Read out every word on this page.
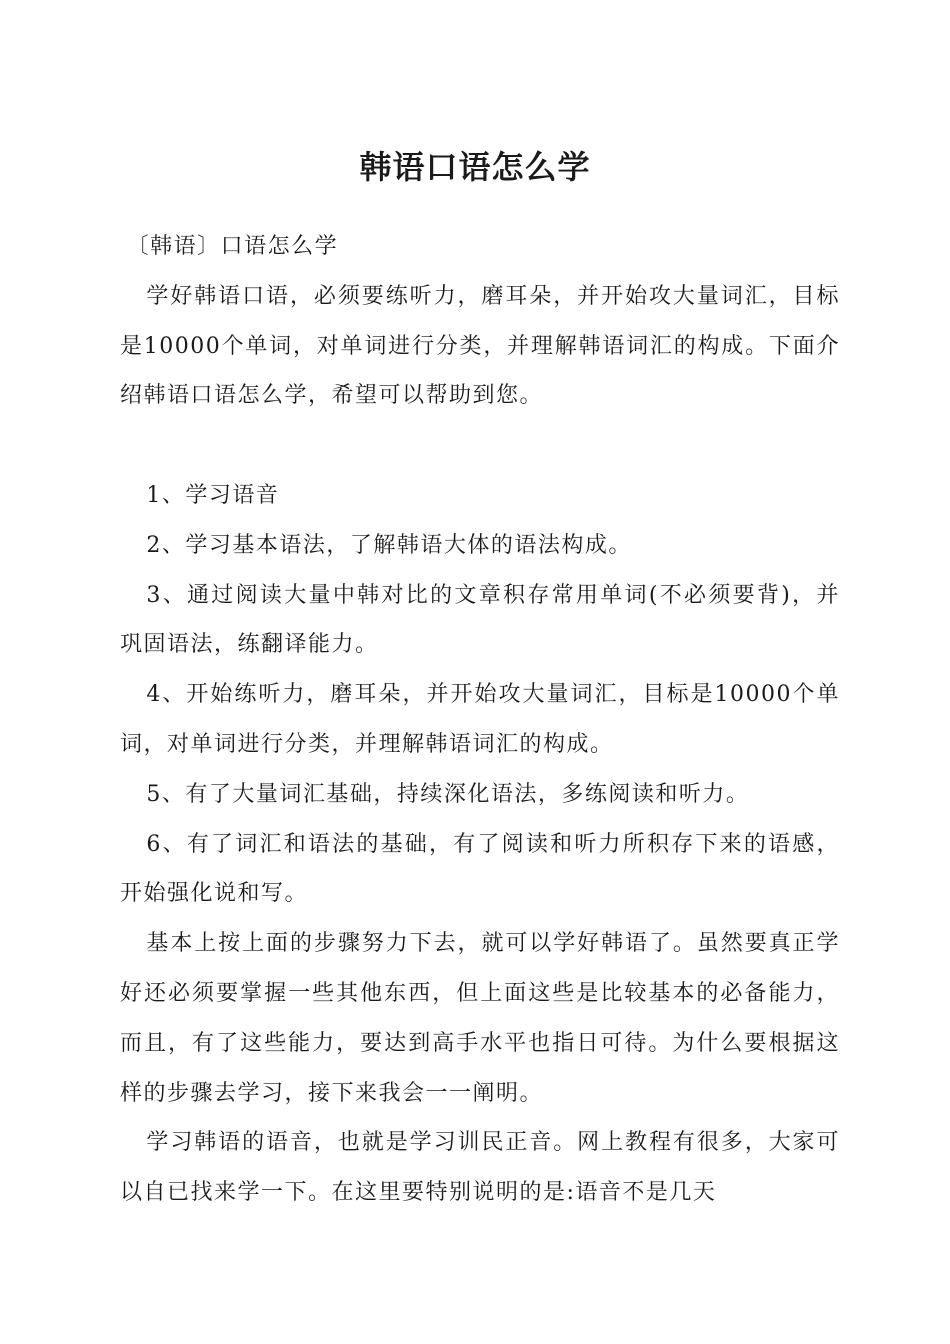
韩语口语怎么学

〔韩语〕口语怎么学

学好韩语口语，必须要练听力，磨耳朵，并开始攻大量词汇，目标是10000个单词，对单词进行分类，并理解韩语词汇的构成。下面介绍韩语口语怎么学，希望可以帮助到您。

1、学习语音

2、学习基本语法，了解韩语大体的语法构成。

3、通过阅读大量中韩对比的文章积存常用单词(不必须要背)，并巩固语法，练翻译能力。

4、开始练听力，磨耳朵，并开始攻大量词汇，目标是10000个单词，对单词进行分类，并理解韩语词汇的构成。

5、有了大量词汇基础，持续深化语法，多练阅读和听力。

6、有了词汇和语法的基础，有了阅读和听力所积存下来的语感，开始强化说和写。

基本上按上面的步骤努力下去，就可以学好韩语了。虽然要真正学好还必须要掌握一些其他东西，但上面这些是比较基本的必备能力，而且，有了这些能力，要达到高手水平也指日可待。为什么要根据这样的步骤去学习，接下来我会一一阐明。

学习韩语的语音，也就是学习训民正音。网上教程有很多，大家可以自已找来学一下。在这里要特别说明的是:语音不是几天
